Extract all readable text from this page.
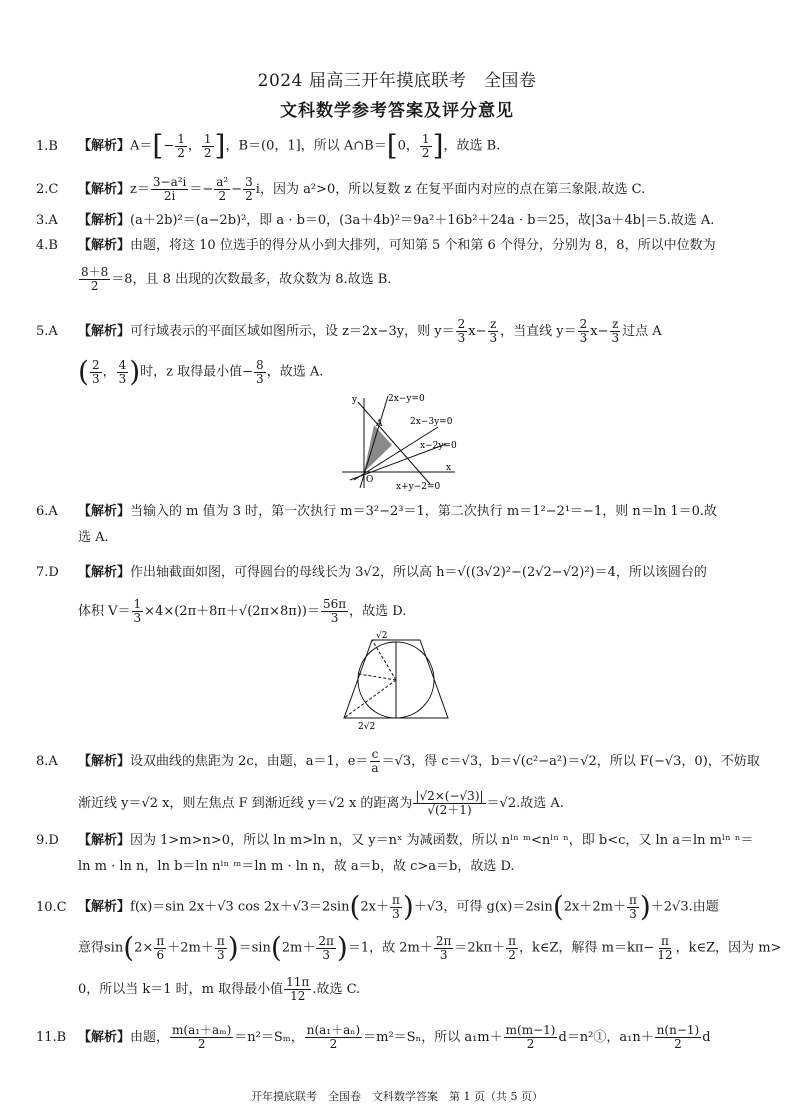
2024 届高三开年摸底联考　全国卷
文科数学参考答案及评分意见
1.B 【解析】$A=[- \frac{1}{2}$ ， $\frac{1}{2}$ ]，B＝(0，1]，所以 A∩B＝[0， $\frac{1}{2}$ ]，故选 B.
2.C 【解析】$z= \frac{\text{3−a²i}}{2i} =- \frac{\text{a²}}{2} - \frac{3}{2}$ i，因为 a²>0，所以复数 z 在复平面内对应的点在第三象限.故选 C.
3.A 【解析】(a＋2b)²＝(a−2b)²，即 a · b＝0，(3a＋4b)²＝9a²＋16b²＋24a · b＝25，故|3a＋4b|＝5.故选 A.
4.B 【解析】由题，将这 10 位选手的得分从小到大排列，可知第 5 个和第 6 个得分，分别为 8，8，所以中位数为
$\frac{8+8}{2} =8$，且 8 出现的次数最多，故众数为 8.故选 B.
5.A 【解析】可行域表示的平面区域如图所示，设 z＝2x−3y，则 $y= \frac{2}{3} x- \frac{z}{3}$ ，当直线 $y= \frac{2}{3} x- \frac{z}{3}$ 过点 A
( $\frac{2}{3}$ ， $\frac{4}{3}$ )时，z 取得最小值− $\frac{8}{3}$ ，故选 A.
y
x
O
A
2x−y=0
2x−3y=0
x−2y=0
x+y−2=0
6.A 【解析】当输入的 m 值为 3 时，第一次执行 m＝3²−2³＝1，第二次执行 m＝1²−2¹＝−1，则 n＝ln 1＝0.故
选 A.
7.D 【解析】作出轴截面如图，可得圆台的母线长为 3√2，所以高 h＝√((3√2)²−(2√2−√2)²)＝4，所以该圆台的
体积 $V= \frac{1}{3} \times 4\times(2\pi+8\pi+√(2\pi\times 8\pi))= \frac{56\pi}{3}$ ，故选 D.
√2
2√2
8.A 【解析】设双曲线的焦距为 2c，由题，a＝1，$e= \frac{c}{a} =√3$，得 c＝√3，b＝√(c²−a²)＝√2，所以 F(−√3，0)，不妨取
渐近线 y＝√2 x，则左焦点 F 到渐近线 y＝√2 x 的距离为 $\frac{|√2\times(-√3)|}{√(2+1)} =√2$.故选 A.
9.D 【解析】因为 1>m>n>0，所以 ln m>ln n，又 y＝nˣ 为减函数，所以 nˡⁿ ᵐ<nˡⁿ ⁿ，即 b<c，又 ln a＝ln mˡⁿ ⁿ＝
ln m · ln n，ln b＝ln nˡⁿ ᵐ＝ln m · ln n，故 a＝b，故 c>a＝b，故选 D.
10.C 【解析】f(x)＝sin 2x＋√3 $\cos 2x+√3=2\sin(2x+ \frac{\pi}{3} )+√3$，可得 $g(x)=2\sin(2x+2m+ \frac{\pi}{3} )+2√3$.由题
意得$\sin(2\times \frac{\pi}{6} +2m+ \frac{\pi}{3} )=\sin(2m+ \frac{2\pi}{3} )=1$，故 $2m+ \frac{2\pi}{3} =2k\pi+ \frac{\pi}{2}$ ，k∈Z，解得 $m=k\pi- \frac{\pi}{12}$ ，k∈Z，因为 m>
0，所以当 k＝1 时，m 取得最小值 $\frac{11\pi}{12}$ .故选 C.
11.B 【解析】由题， $\frac{\text{m(a₁＋aₘ)}}{2} =n^2=S_m$， $\frac{\text{n(a₁＋aₙ)}}{2} =m^2=S_n$，所以 $a_1m+ \frac{m(m-1)}{2}$ d＝n²①，$a_1n+ \frac{n(n-1)}{2}$ d
开年摸底联考　全国卷　文科数学答案　第 1 页（共 5 页）
